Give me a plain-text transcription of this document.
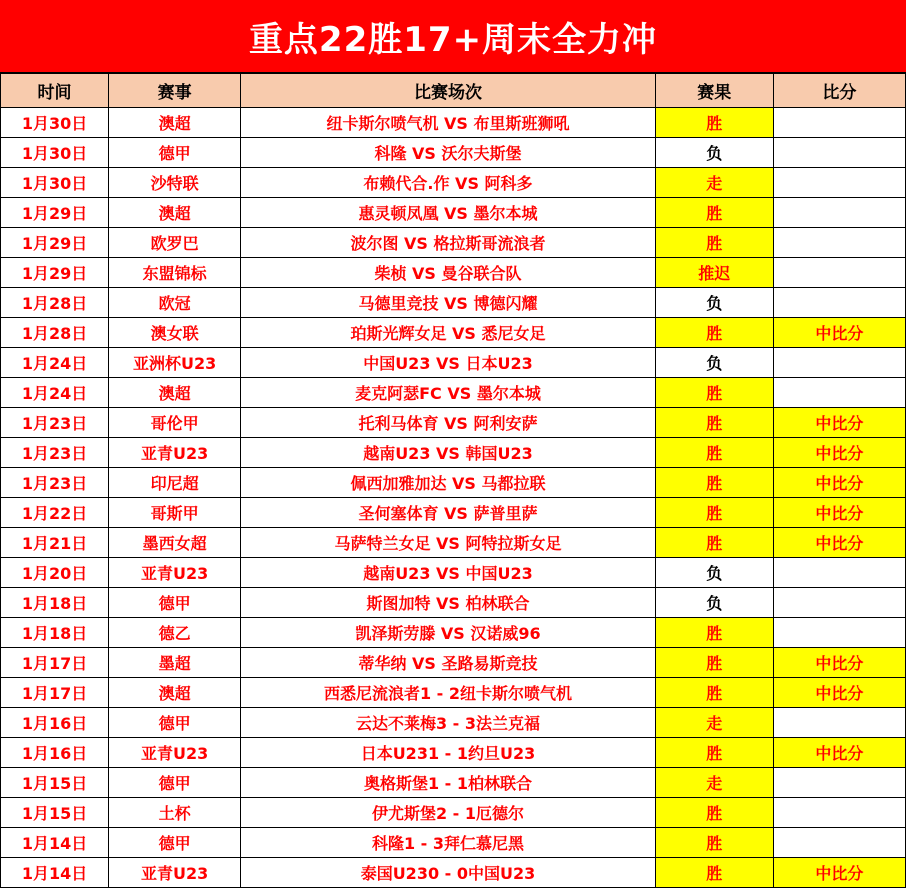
重点22胜17+周末全力冲
时间	赛事	比赛场次	赛果	比分
1月30日	澳超	纽卡斯尔喷气机 VS 布里斯班狮吼	胜	
1月30日	德甲	科隆 VS 沃尔夫斯堡	负	
1月30日	沙特联	布赖代合.作 VS 阿科多	走	
1月29日	澳超	惠灵顿凤凰 VS 墨尔本城	胜	
1月29日	欧罗巴	波尔图 VS 格拉斯哥流浪者	胜	
1月29日	东盟锦标	柴桢 VS 曼谷联合队	推迟	
1月28日	欧冠	马德里竞技 VS 博德闪耀	负	
1月28日	澳女联	珀斯光辉女足 VS 悉尼女足	胜	中比分
1月24日	亚洲杯U23	中国U23 VS 日本U23	负	
1月24日	澳超	麦克阿瑟FC VS 墨尔本城	胜	
1月23日	哥伦甲	托利马体育 VS 阿利安萨	胜	中比分
1月23日	亚青U23	越南U23 VS 韩国U23	胜	中比分
1月23日	印尼超	佩西加雅加达 VS 马都拉联	胜	中比分
1月22日	哥斯甲	圣何塞体育 VS 萨普里萨	胜	中比分
1月21日	墨西女超	马萨特兰女足 VS 阿特拉斯女足	胜	中比分
1月20日	亚青U23	越南U23 VS 中国U23	负	
1月18日	德甲	斯图加特 VS 柏林联合	负	
1月18日	德乙	凯泽斯劳滕 VS 汉诺威96	胜	
1月17日	墨超	蒂华纳 VS 圣路易斯竞技	胜	中比分
1月17日	澳超	西悉尼流浪者1 - 2纽卡斯尔喷气机	胜	中比分
1月16日	德甲	云达不莱梅3 - 3法兰克福	走	
1月16日	亚青U23	日本U231 - 1约旦U23	胜	中比分
1月15日	德甲	奥格斯堡1 - 1柏林联合	走	
1月15日	土杯	伊尤斯堡2 - 1厄德尔	胜	
1月14日	德甲	科隆1 - 3拜仁慕尼黑	胜	
1月14日	亚青U23	泰国U230 - 0中国U23	胜	中比分
